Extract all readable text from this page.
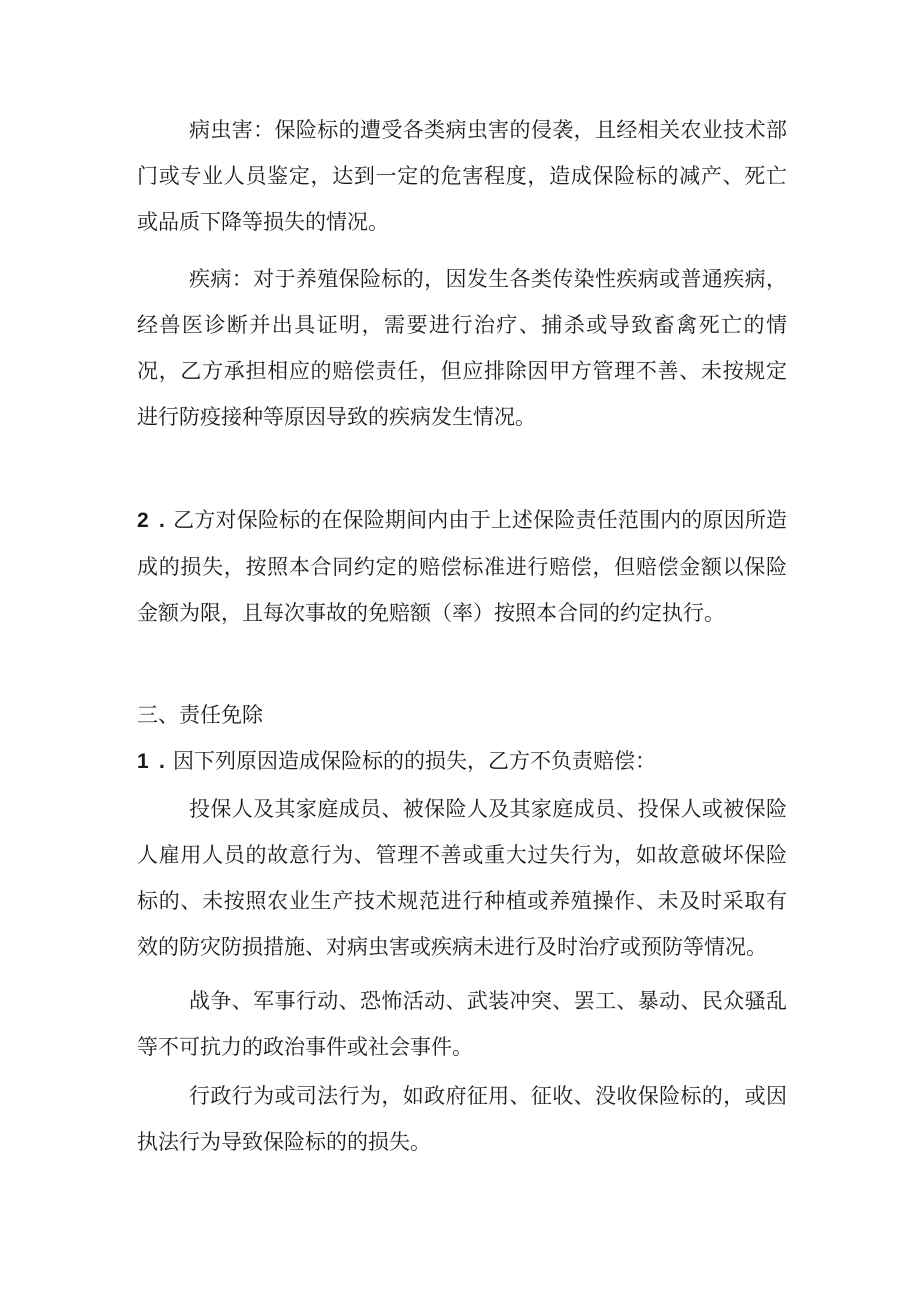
病虫害：保险标的遭受各类病虫害的侵袭，且经相关农业技术部门或专业人员鉴定，达到一定的危害程度，造成保险标的减产、死亡或品质下降等损失的情况。

疾病：对于养殖保险标的，因发生各类传染性疾病或普通疾病，经兽医诊断并出具证明，需要进行治疗、捕杀或导致畜禽死亡的情况，乙方承担相应的赔偿责任，但应排除因甲方管理不善、未按规定进行防疫接种等原因导致的疾病发生情况。

2 . 乙方对保险标的在保险期间内由于上述保险责任范围内的原因所造成的损失，按照本合同约定的赔偿标准进行赔偿，但赔偿金额以保险金额为限，且每次事故的免赔额（率）按照本合同的约定执行。

三、责任免除

1 . 因下列原因造成保险标的的损失，乙方不负责赔偿：

投保人及其家庭成员、被保险人及其家庭成员、投保人或被保险人雇用人员的故意行为、管理不善或重大过失行为，如故意破坏保险标的、未按照农业生产技术规范进行种植或养殖操作、未及时采取有效的防灾防损措施、对病虫害或疾病未进行及时治疗或预防等情况。

战争、军事行动、恐怖活动、武装冲突、罢工、暴动、民众骚乱等不可抗力的政治事件或社会事件。

行政行为或司法行为，如政府征用、征收、没收保险标的，或因执法行为导致保险标的的损失。
